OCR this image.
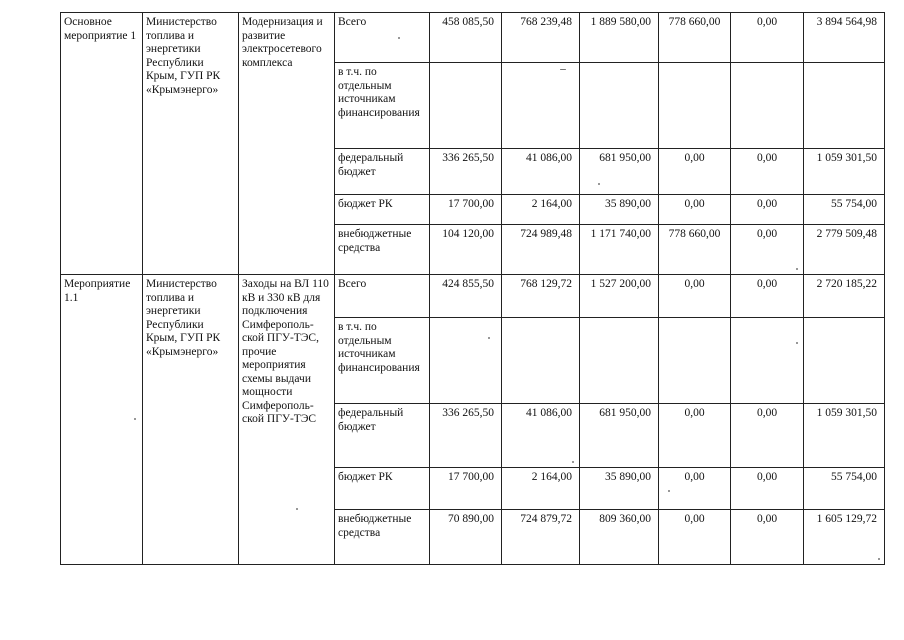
Основное мероприятие 1	Министерство топлива и энергетики Республики Крым, ГУП РК «Крымэнерго»	Модернизация и развитие электросетевого комплекса	Всего	458 085,50	768 239,48	1 889 580,00	778 660,00	0,00	3 894 564,98
			в т.ч. по отдельным источникам финансирования						
			федеральный бюджет	336 265,50	41 086,00	681 950,00	0,00	0,00	1 059 301,50
			бюджет РК	17 700,00	2 164,00	35 890,00	0,00	0,00	55 754,00
			внебюджетные средства	104 120,00	724 989,48	1 171 740,00	778 660,00	0,00	2 779 509,48
Мероприятие 1.1	Министерство топлива и энергетики Республики Крым, ГУП РК «Крымэнерго»	Заходы на ВЛ 110 кВ и 330 кВ для подключения Симферополь-ской ПГУ-ТЭС, прочие мероприятия схемы выдачи мощности Симферополь-ской ПГУ-ТЭС	Всего	424 855,50	768 129,72	1 527 200,00	0,00	0,00	2 720 185,22
			в т.ч. по отдельным источникам финансирования						
			федеральный бюджет	336 265,50	41 086,00	681 950,00	0,00	0,00	1 059 301,50
			бюджет РК	17 700,00	2 164,00	35 890,00	0,00	0,00	55 754,00
			внебюджетные средства	70 890,00	724 879,72	809 360,00	0,00	0,00	1 605 129,72
